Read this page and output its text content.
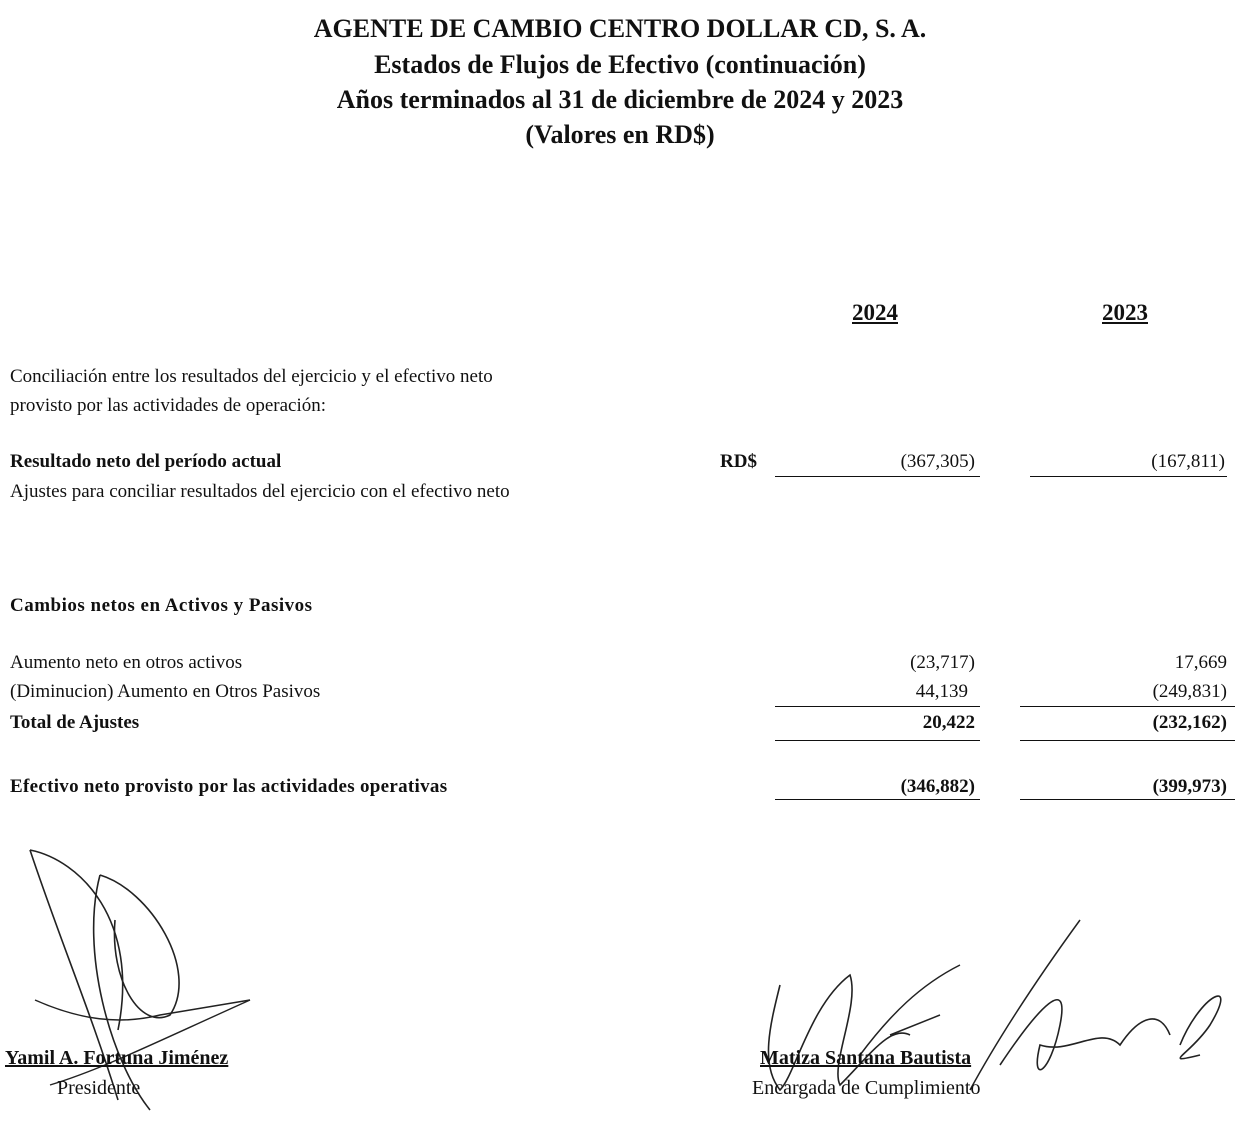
AGENTE DE CAMBIO CENTRO DOLLAR CD, S. A.
Estados de Flujos de Efectivo (continuación)
Años terminados al 31 de diciembre de 2024 y 2023
(Valores en RD$)
2024	2023
Conciliación entre los resultados del ejercicio y el efectivo neto
provisto por las actividades de operación:
Resultado neto del período actual	RD$	(367,305)	(167,811)
Ajustes para conciliar resultados del ejercicio con el efectivo neto
Cambios netos en Activos y Pasivos
Aumento neto en otros activos	(23,717)	17,669
(Diminucion) Aumento en Otros Pasivos	44,139	(249,831)
Total de Ajustes	20,422	(232,162)
Efectivo neto provisto por las actividades operativas	(346,882)	(399,973)
Yamil A. Fortuna Jiménez
Presidente
Matiza Santana Bautista
Encargada de Cumplimiento
